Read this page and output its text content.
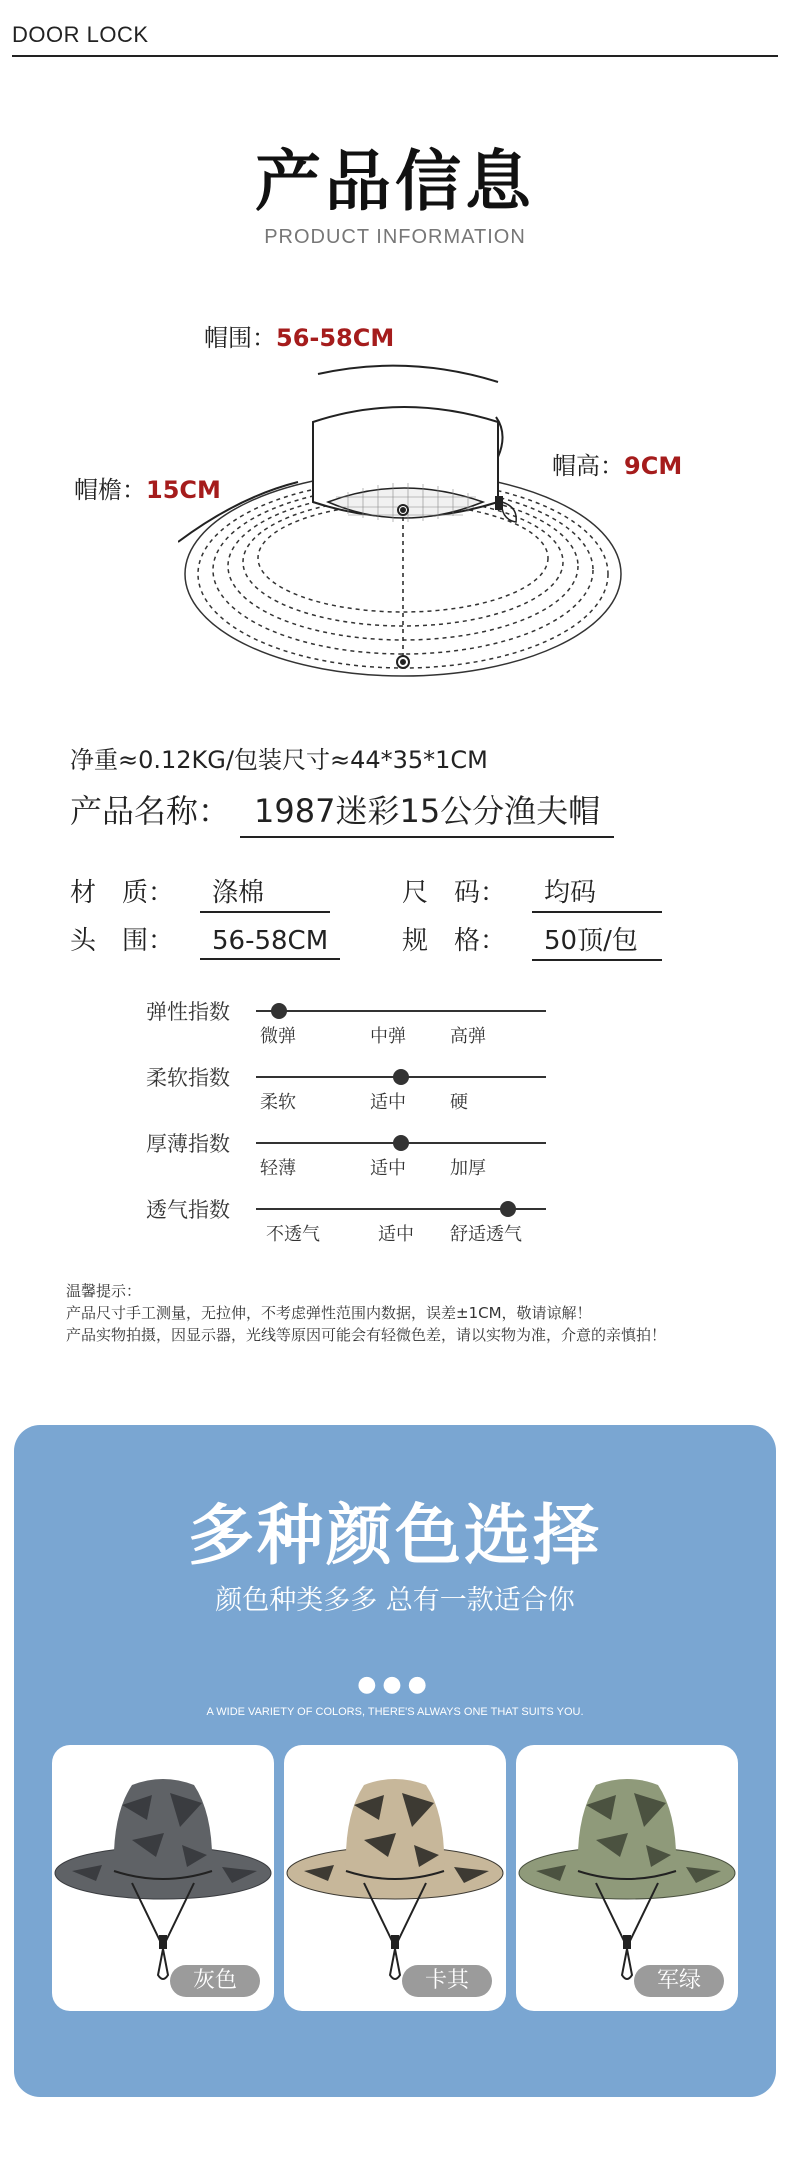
DOOR LOCK
产品信息
PRODUCT INFORMATION
帽围：56-58CM
帽檐：15CM
帽高：9CM
净重≈0.12KG/包装尺寸≈44*35*1CM
产品名称： 1987迷彩15公分渔夫帽
材　质： 涤棉	尺　码： 均码
头　围： 56-58CM	规　格： 50顶/包
弹性指数
微弹	中弹 高弹
柔软指数
柔软	适中 硬
厚薄指数
轻薄	适中 加厚
透气指数
不透气	适中 舒适透气
温馨提示：
产品尺寸手工测量，无拉伸，不考虑弹性范围内数据，误差±1CM，敬请谅解！
产品实物拍摄，因显示器，光线等原因可能会有轻微色差，请以实物为准，介意的亲慎拍！
多种颜色选择
颜色种类多多 总有一款适合你
●●●
A WIDE VARIETY OF COLORS, THERE'S ALWAYS ONE THAT SUITS YOU.
灰色	卡其	军绿
